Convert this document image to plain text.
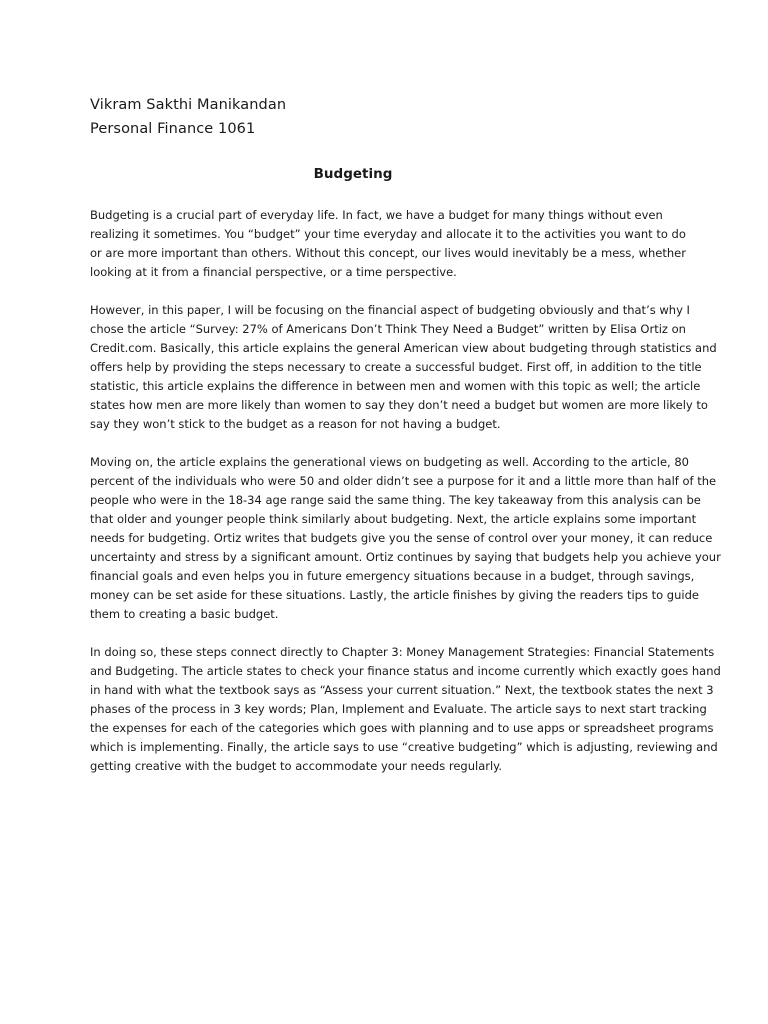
Vikram Sakthi Manikandan
Personal Finance 1061
Budgeting
Budgeting is a crucial part of everyday life. In fact, we have a budget for many things without even
realizing it sometimes. You “budget” your time everyday and allocate it to the activities you want to do
or are more important than others. Without this concept, our lives would inevitably be a mess, whether
looking at it from a financial perspective, or a time perspective.
However, in this paper, I will be focusing on the financial aspect of budgeting obviously and that’s why I
chose the article “Survey: 27% of Americans Don’t Think They Need a Budget” written by Elisa Ortiz on
Credit.com. Basically, this article explains the general American view about budgeting through statistics and
offers help by providing the steps necessary to create a successful budget. First off, in addition to the title
statistic, this article explains the difference in between men and women with this topic as well; the article
states how men are more likely than women to say they don’t need a budget but women are more likely to
say they won’t stick to the budget as a reason for not having a budget.
Moving on, the article explains the generational views on budgeting as well. According to the article, 80
percent of the individuals who were 50 and older didn’t see a purpose for it and a little more than half of the
people who were in the 18-34 age range said the same thing. The key takeaway from this analysis can be
that older and younger people think similarly about budgeting. Next, the article explains some important
needs for budgeting. Ortiz writes that budgets give you the sense of control over your money, it can reduce
uncertainty and stress by a significant amount. Ortiz continues by saying that budgets help you achieve your
financial goals and even helps you in future emergency situations because in a budget, through savings,
money can be set aside for these situations. Lastly, the article finishes by giving the readers tips to guide
them to creating a basic budget.
In doing so, these steps connect directly to Chapter 3: Money Management Strategies: Financial Statements
and Budgeting. The article states to check your finance status and income currently which exactly goes hand
in hand with what the textbook says as “Assess your current situation.” Next, the textbook states the next 3
phases of the process in 3 key words; Plan, Implement and Evaluate. The article says to next start tracking
the expenses for each of the categories which goes with planning and to use apps or spreadsheet programs
which is implementing. Finally, the article says to use “creative budgeting” which is adjusting, reviewing and
getting creative with the budget to accommodate your needs regularly.
